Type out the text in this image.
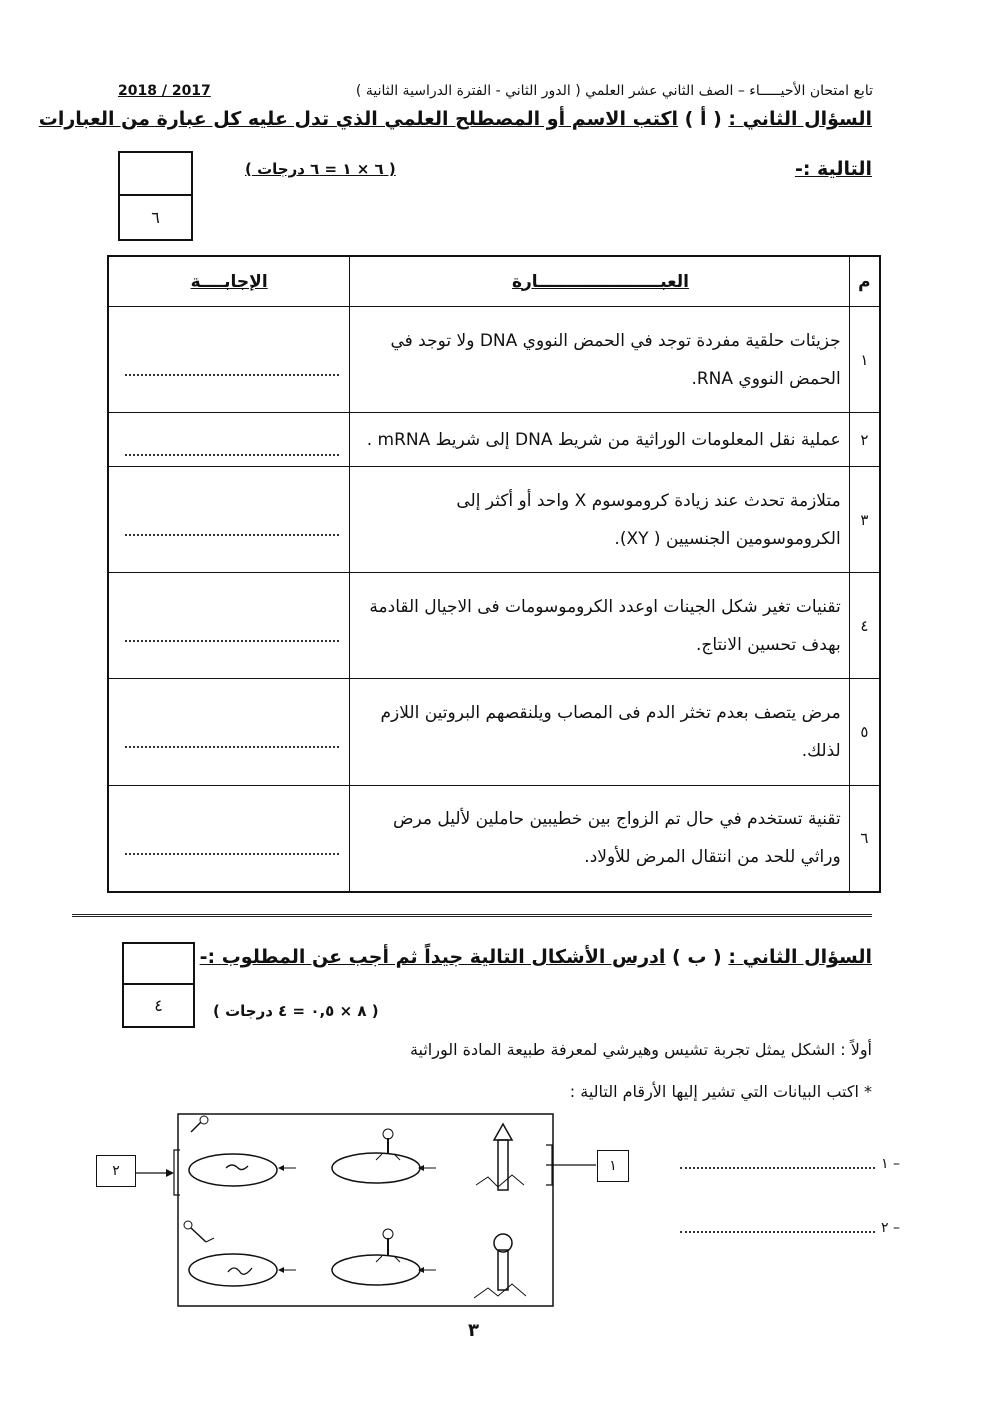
2018 / 2017	تابع امتحان الأحيـــــاء – الصف الثاني عشر العلمي ( الدور الثاني - الفترة الدراسية الثانية )
السؤال الثاني : ( أ ) اكتب الاسم أو المصطلح العلمي الذي تدل عليه كل عبارة من العبارات
التالية :-
( ٦ × ١ = ٦ درجات )
٦
م	العبـــــــــــــــــــــارة	الإجابــــة
١	جزيئات حلقية مفردة توجد في الحمض النووي DNA ولا توجد في الحمض النووي RNA.	

٢	عملية نقل المعلومات الوراثية من شريط DNA إلى شريط mRNA .	

٣	متلازمة تحدث عند زيادة كروموسوم X واحد أو أكثر إلى الكروموسومين الجنسيين ( XY).	

٤	تقنيات تغير شكل الجينات اوعدد الكروموسومات فى الاجيال القادمة بهدف تحسين الانتاج.	

٥	مرض يتصف بعدم تخثر الدم فى المصاب ويلنقصهم البروتين اللازم لذلك.	

٦	تقنية تستخدم في حال تم الزواج بين خطيبين حاملين لأليل مرض وراثي للحد من انتقال المرض للأولاد.	
السؤال الثاني : ( ب ) ادرس الأشكال التالية جيداً ثم أجب عن المطلوب :-
( ٨ × ٠,٥ = ٤ درجات )
٤
أولاً : الشكل يمثل تجربة تشيس وهيرشي لمعرفة طبيعة المادة الوراثية
* اكتب البيانات التي تشير إليها الأرقام التالية :
١ –
٢ –
٢	١
٣
